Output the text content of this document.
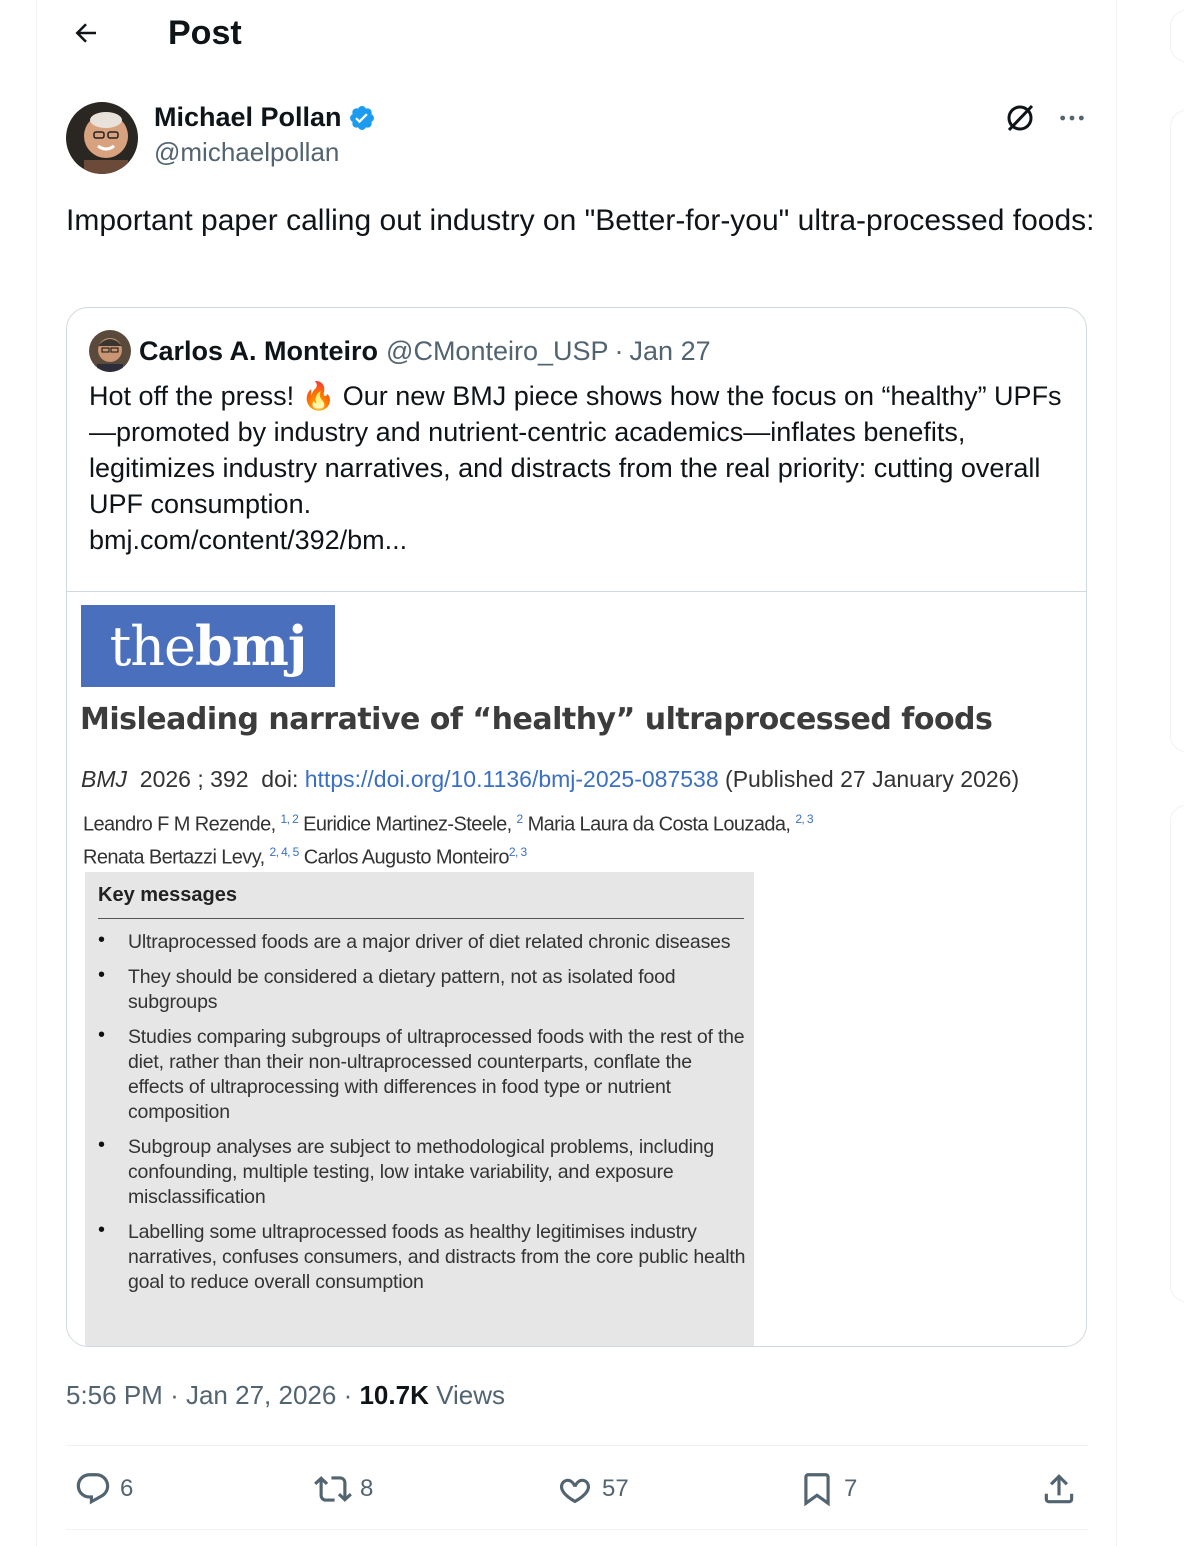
Post
Michael Pollan
@michaelpollan
Important paper calling out industry on "Better-for-you" ultra-processed foods:
Carlos A. Monteiro @CMonteiro_USP · Jan 27
Hot off the press! 🔥 Our new BMJ piece shows how the focus on “healthy” UPFs—promoted by industry and nutrient-centric academics—inflates benefits, legitimizes industry narratives, and distracts from the real priority: cutting overall UPF consumption.
bmj.com/content/392/bm...
the bmj
Misleading narrative of “healthy” ultraprocessed foods
BMJ 2026 ; 392 doi: https://doi.org/10.1136/bmj-2025-087538 (Published 27 January 2026)
Leandro F M Rezende, $^{1, 2}$ Euridice Martinez-Steele, $^2$ Maria Laura da Costa Louzada, $^{2, 3}$
Renata Bertazzi Levy, $^{2, 4, 5}$ Carlos Augusto Monteiro$^{2, 3}$
Key messages
• Ultraprocessed foods are a major driver of diet related chronic diseases
• They should be considered a dietary pattern, not as isolated food subgroups
• Studies comparing subgroups of ultraprocessed foods with the rest of the diet, rather than their non-ultraprocessed counterparts, conflate the effects of ultraprocessing with differences in food type or nutrient composition
• Subgroup analyses are subject to methodological problems, including confounding, multiple testing, low intake variability, and exposure misclassification
• Labelling some ultraprocessed foods as healthy legitimises industry narratives, confuses consumers, and distracts from the core public health goal to reduce overall consumption
5:56 PM · Jan 27, 2026 · 10.7K Views
6	8	57	7
